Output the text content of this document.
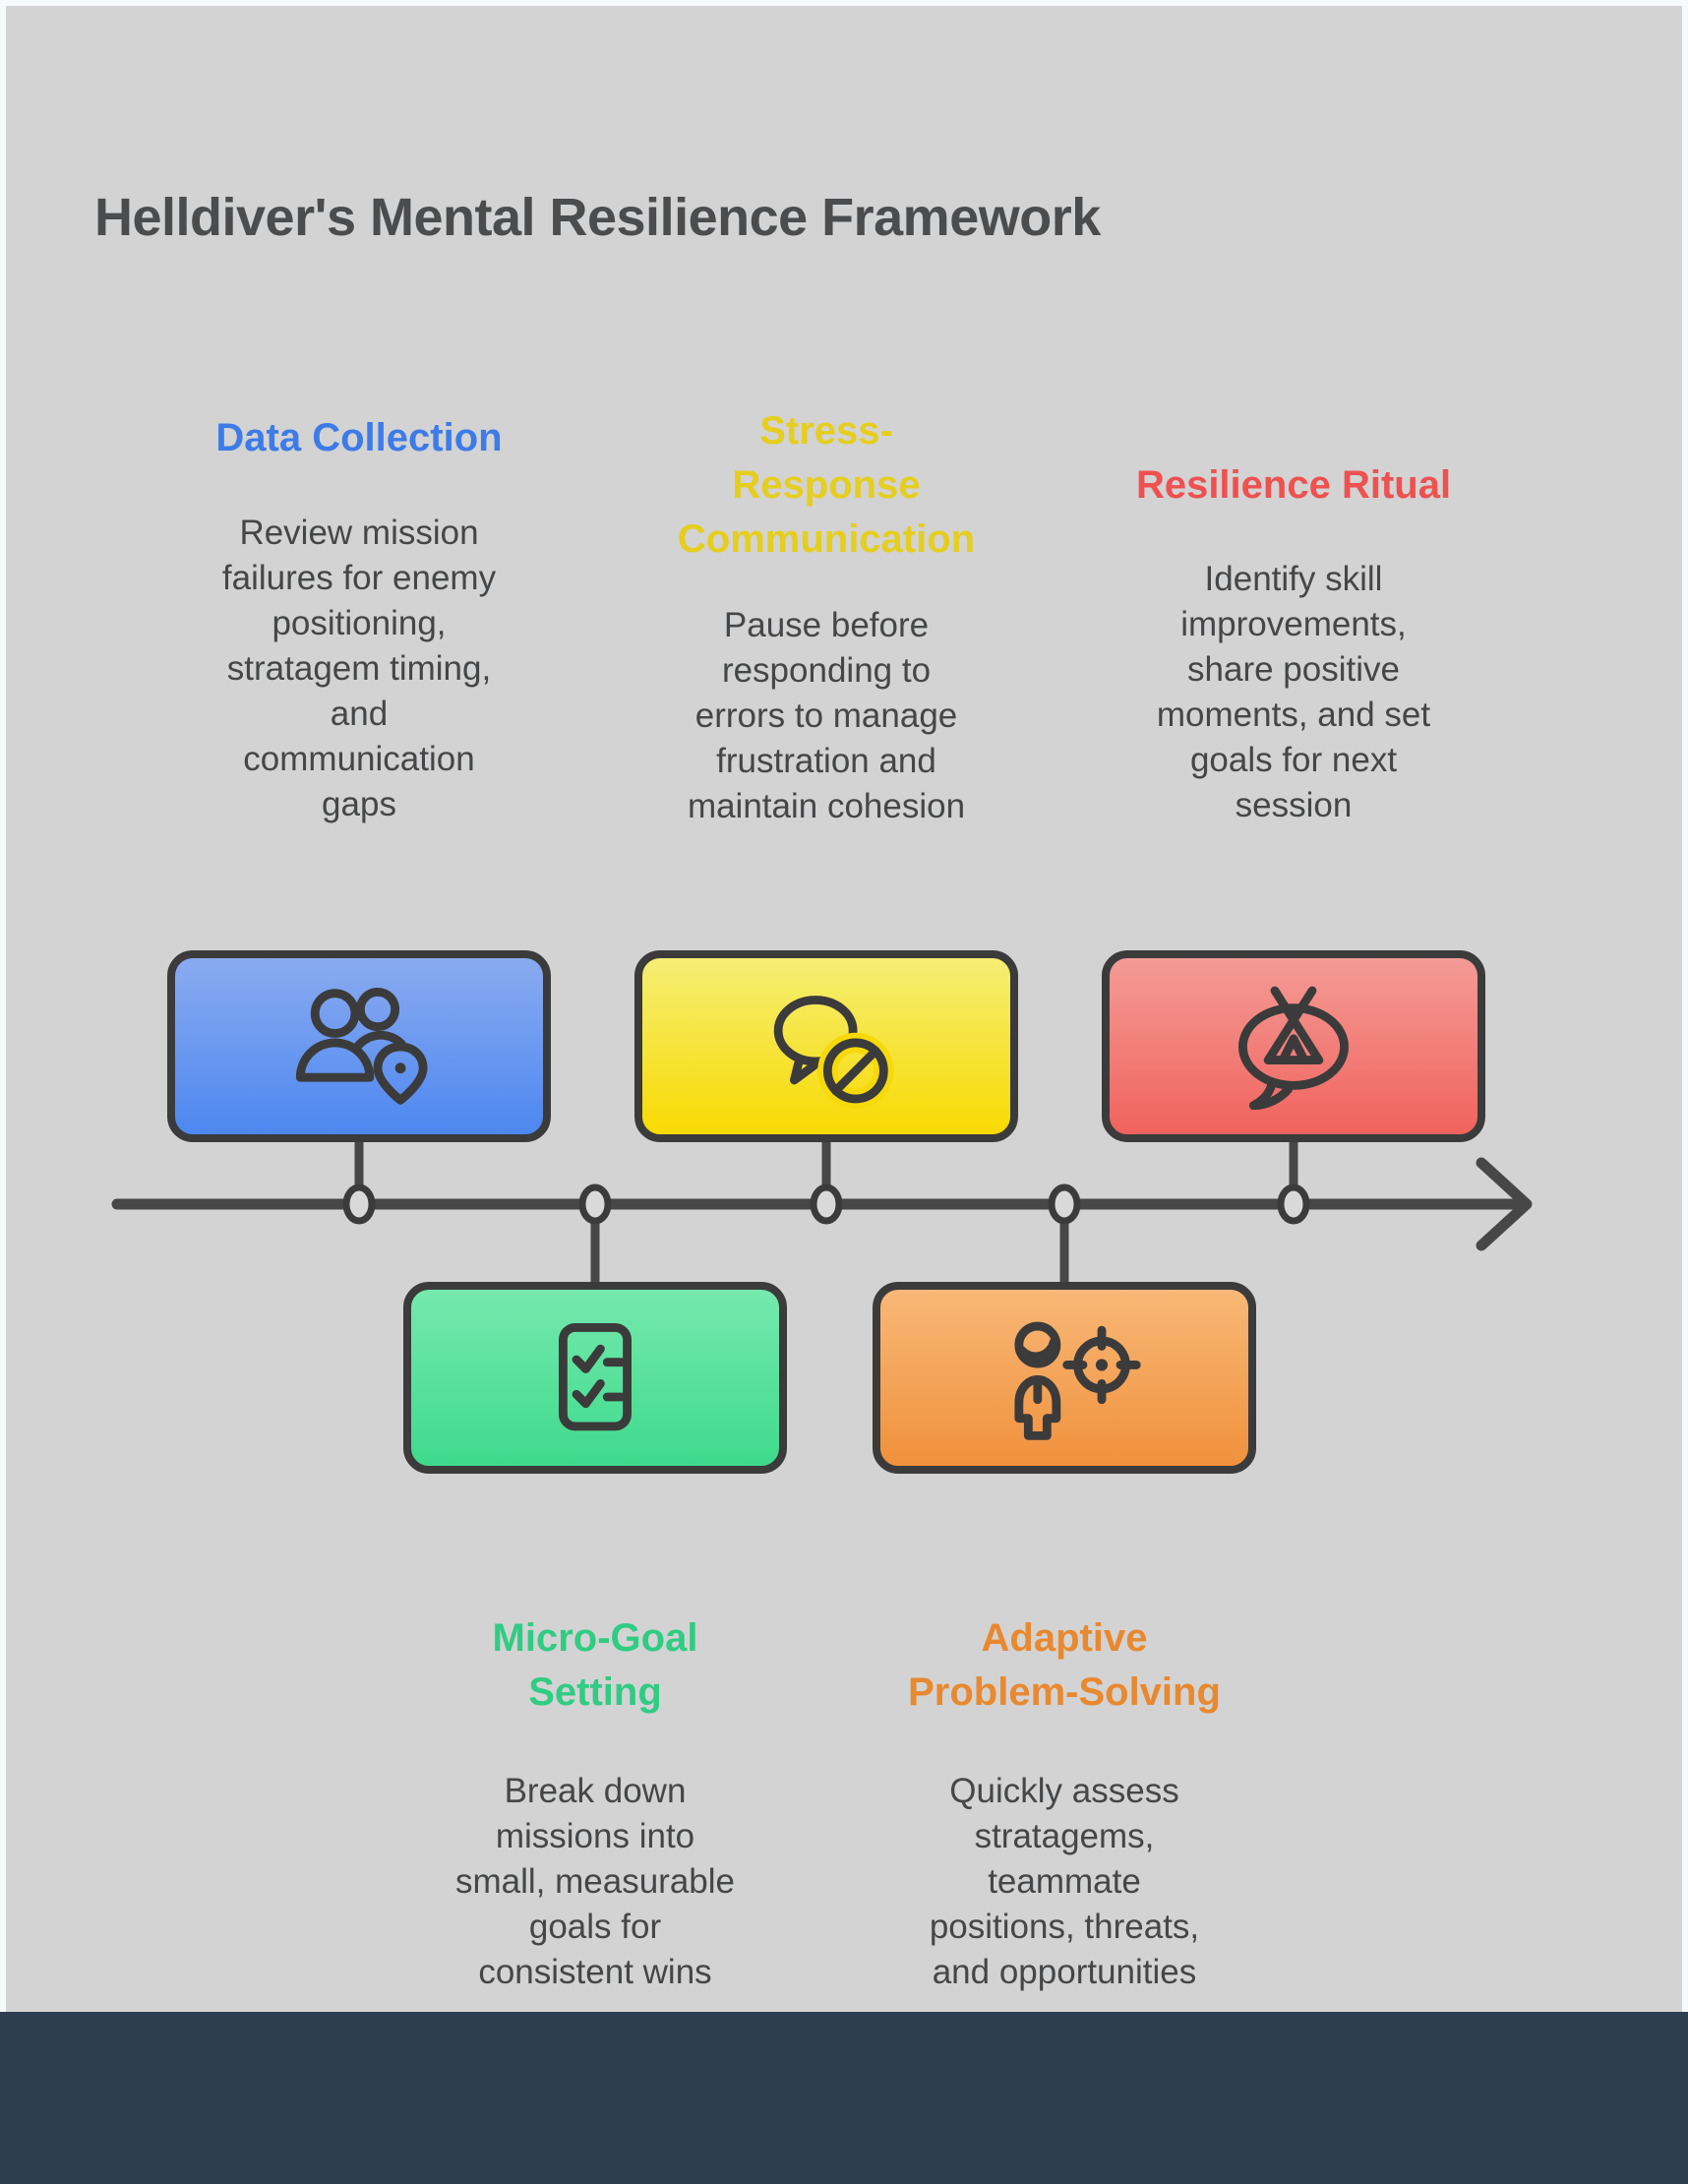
Helldiver's Mental Resilience Framework
Data Collection
Review mission failures for enemy positioning, stratagem timing, and communication gaps
Stress-Response Communication
Pause before responding to errors to manage frustration and maintain cohesion
Resilience Ritual
Identify skill improvements, share positive moments, and set goals for next session
Micro-Goal Setting
Break down missions into small, measurable goals for consistent wins
Adaptive Problem-Solving
Quickly assess stratagems, teammate positions, threats, and opportunities
